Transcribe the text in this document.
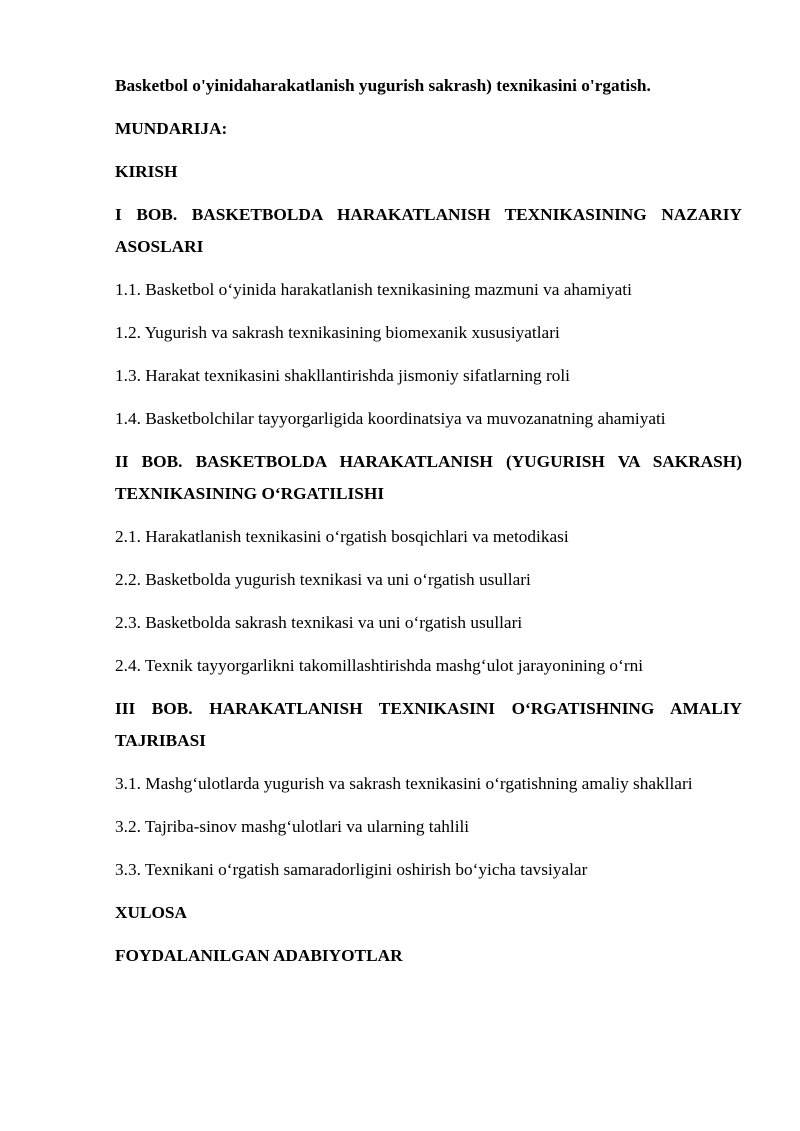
Basketbol o'yinidaharakatlanish yugurish sakrash) texnikasini o'rgatish.

MUNDARIJA:

KIRISH

I BOB. BASKETBOLDA HARAKATLANISH TEXNIKASINING NAZARIY ASOSLARI

1.1. Basketbol o‘yinida harakatlanish texnikasining mazmuni va ahamiyati

1.2. Yugurish va sakrash texnikasining biomexanik xususiyatlari

1.3. Harakat texnikasini shakllantirishda jismoniy sifatlarning roli

1.4. Basketbolchilar tayyorgarligida koordinatsiya va muvozanatning ahamiyati

II BOB. BASKETBOLDA HARAKATLANISH (YUGURISH VA SAKRASH) TEXNIKASINING O‘RGATILISHI

2.1. Harakatlanish texnikasini o‘rgatish bosqichlari va metodikasi

2.2. Basketbolda yugurish texnikasi va uni o‘rgatish usullari

2.3. Basketbolda sakrash texnikasi va uni o‘rgatish usullari

2.4. Texnik tayyorgarlikni takomillashtirishda mashg‘ulot jarayonining o‘rni

III BOB. HARAKATLANISH TEXNIKASINI O‘RGATISHNING AMALIY TAJRIBASI

3.1. Mashg‘ulotlarda yugurish va sakrash texnikasini o‘rgatishning amaliy shakllari

3.2. Tajriba-sinov mashg‘ulotlari va ularning tahlili

3.3. Texnikani o‘rgatish samaradorligini oshirish bo‘yicha tavsiyalar

XULOSA

FOYDALANILGAN ADABIYOTLAR
